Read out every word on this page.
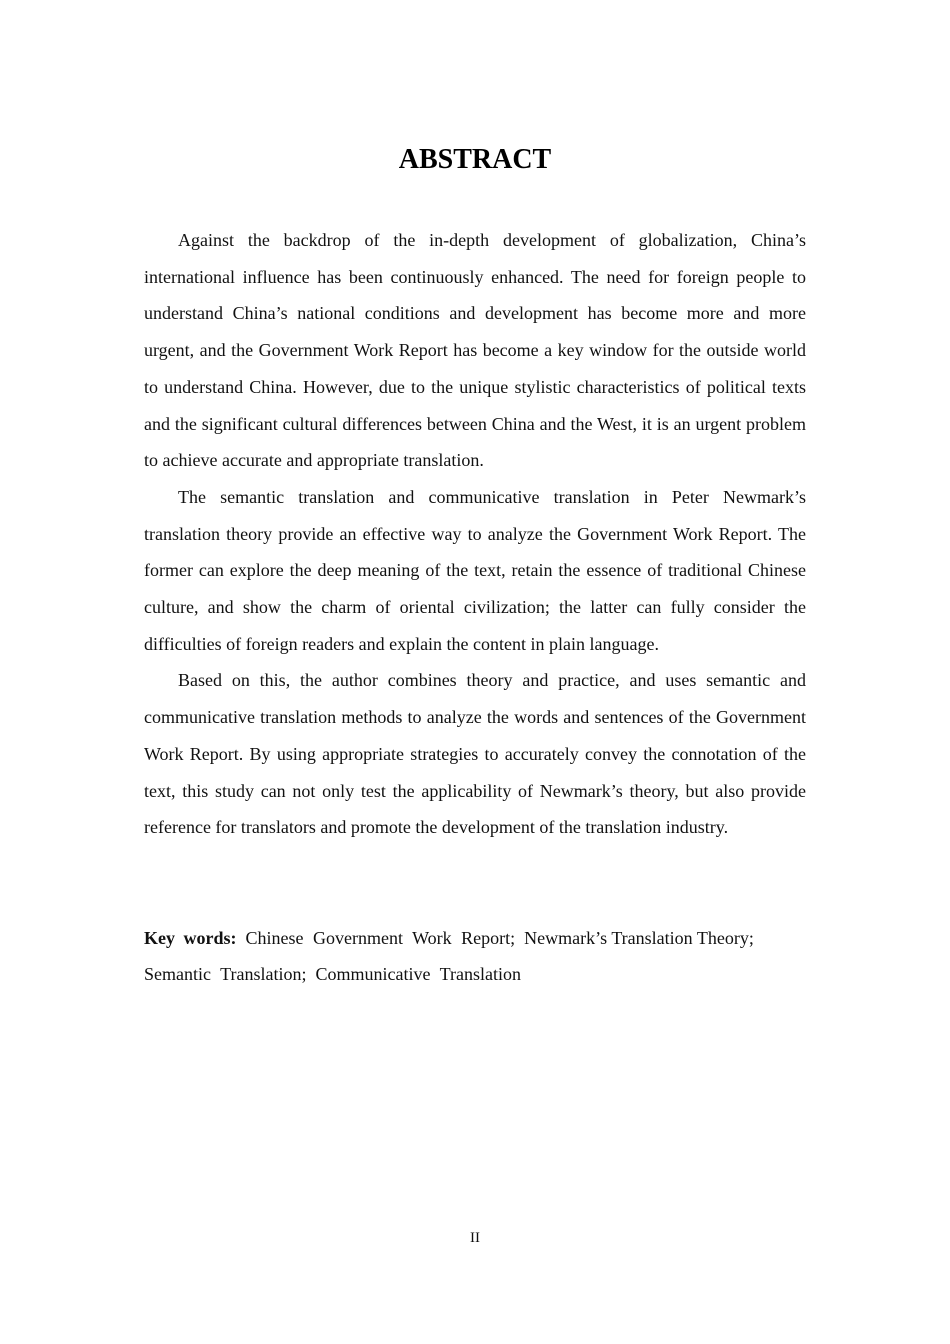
ABSTRACT

Against the backdrop of the in-depth development of globalization, China’s international influence has been continuously enhanced. The need for foreign people to understand China’s national conditions and development has become more and more urgent, and the Government Work Report has become a key window for the outside world to understand China. However, due to the unique stylistic characteristics of political texts and the significant cultural differences between China and the West, it is an urgent problem to achieve accurate and appropriate translation.

The semantic translation and communicative translation in Peter Newmark’s translation theory provide an effective way to analyze the Government Work Report. The former can explore the deep meaning of the text, retain the essence of traditional Chinese culture, and show the charm of oriental civilization; the latter can fully consider the difficulties of foreign readers and explain the content in plain language.

Based on this, the author combines theory and practice, and uses semantic and communicative translation methods to analyze the words and sentences of the Government Work Report. By using appropriate strategies to accurately convey the connotation of the text, this study can not only test the applicability of Newmark’s theory, but also provide reference for translators and promote the development of the translation industry.

Key words: Chinese Government Work Report; Newmark’s Translation Theory;
Semantic Translation; Communicative Translation

II
